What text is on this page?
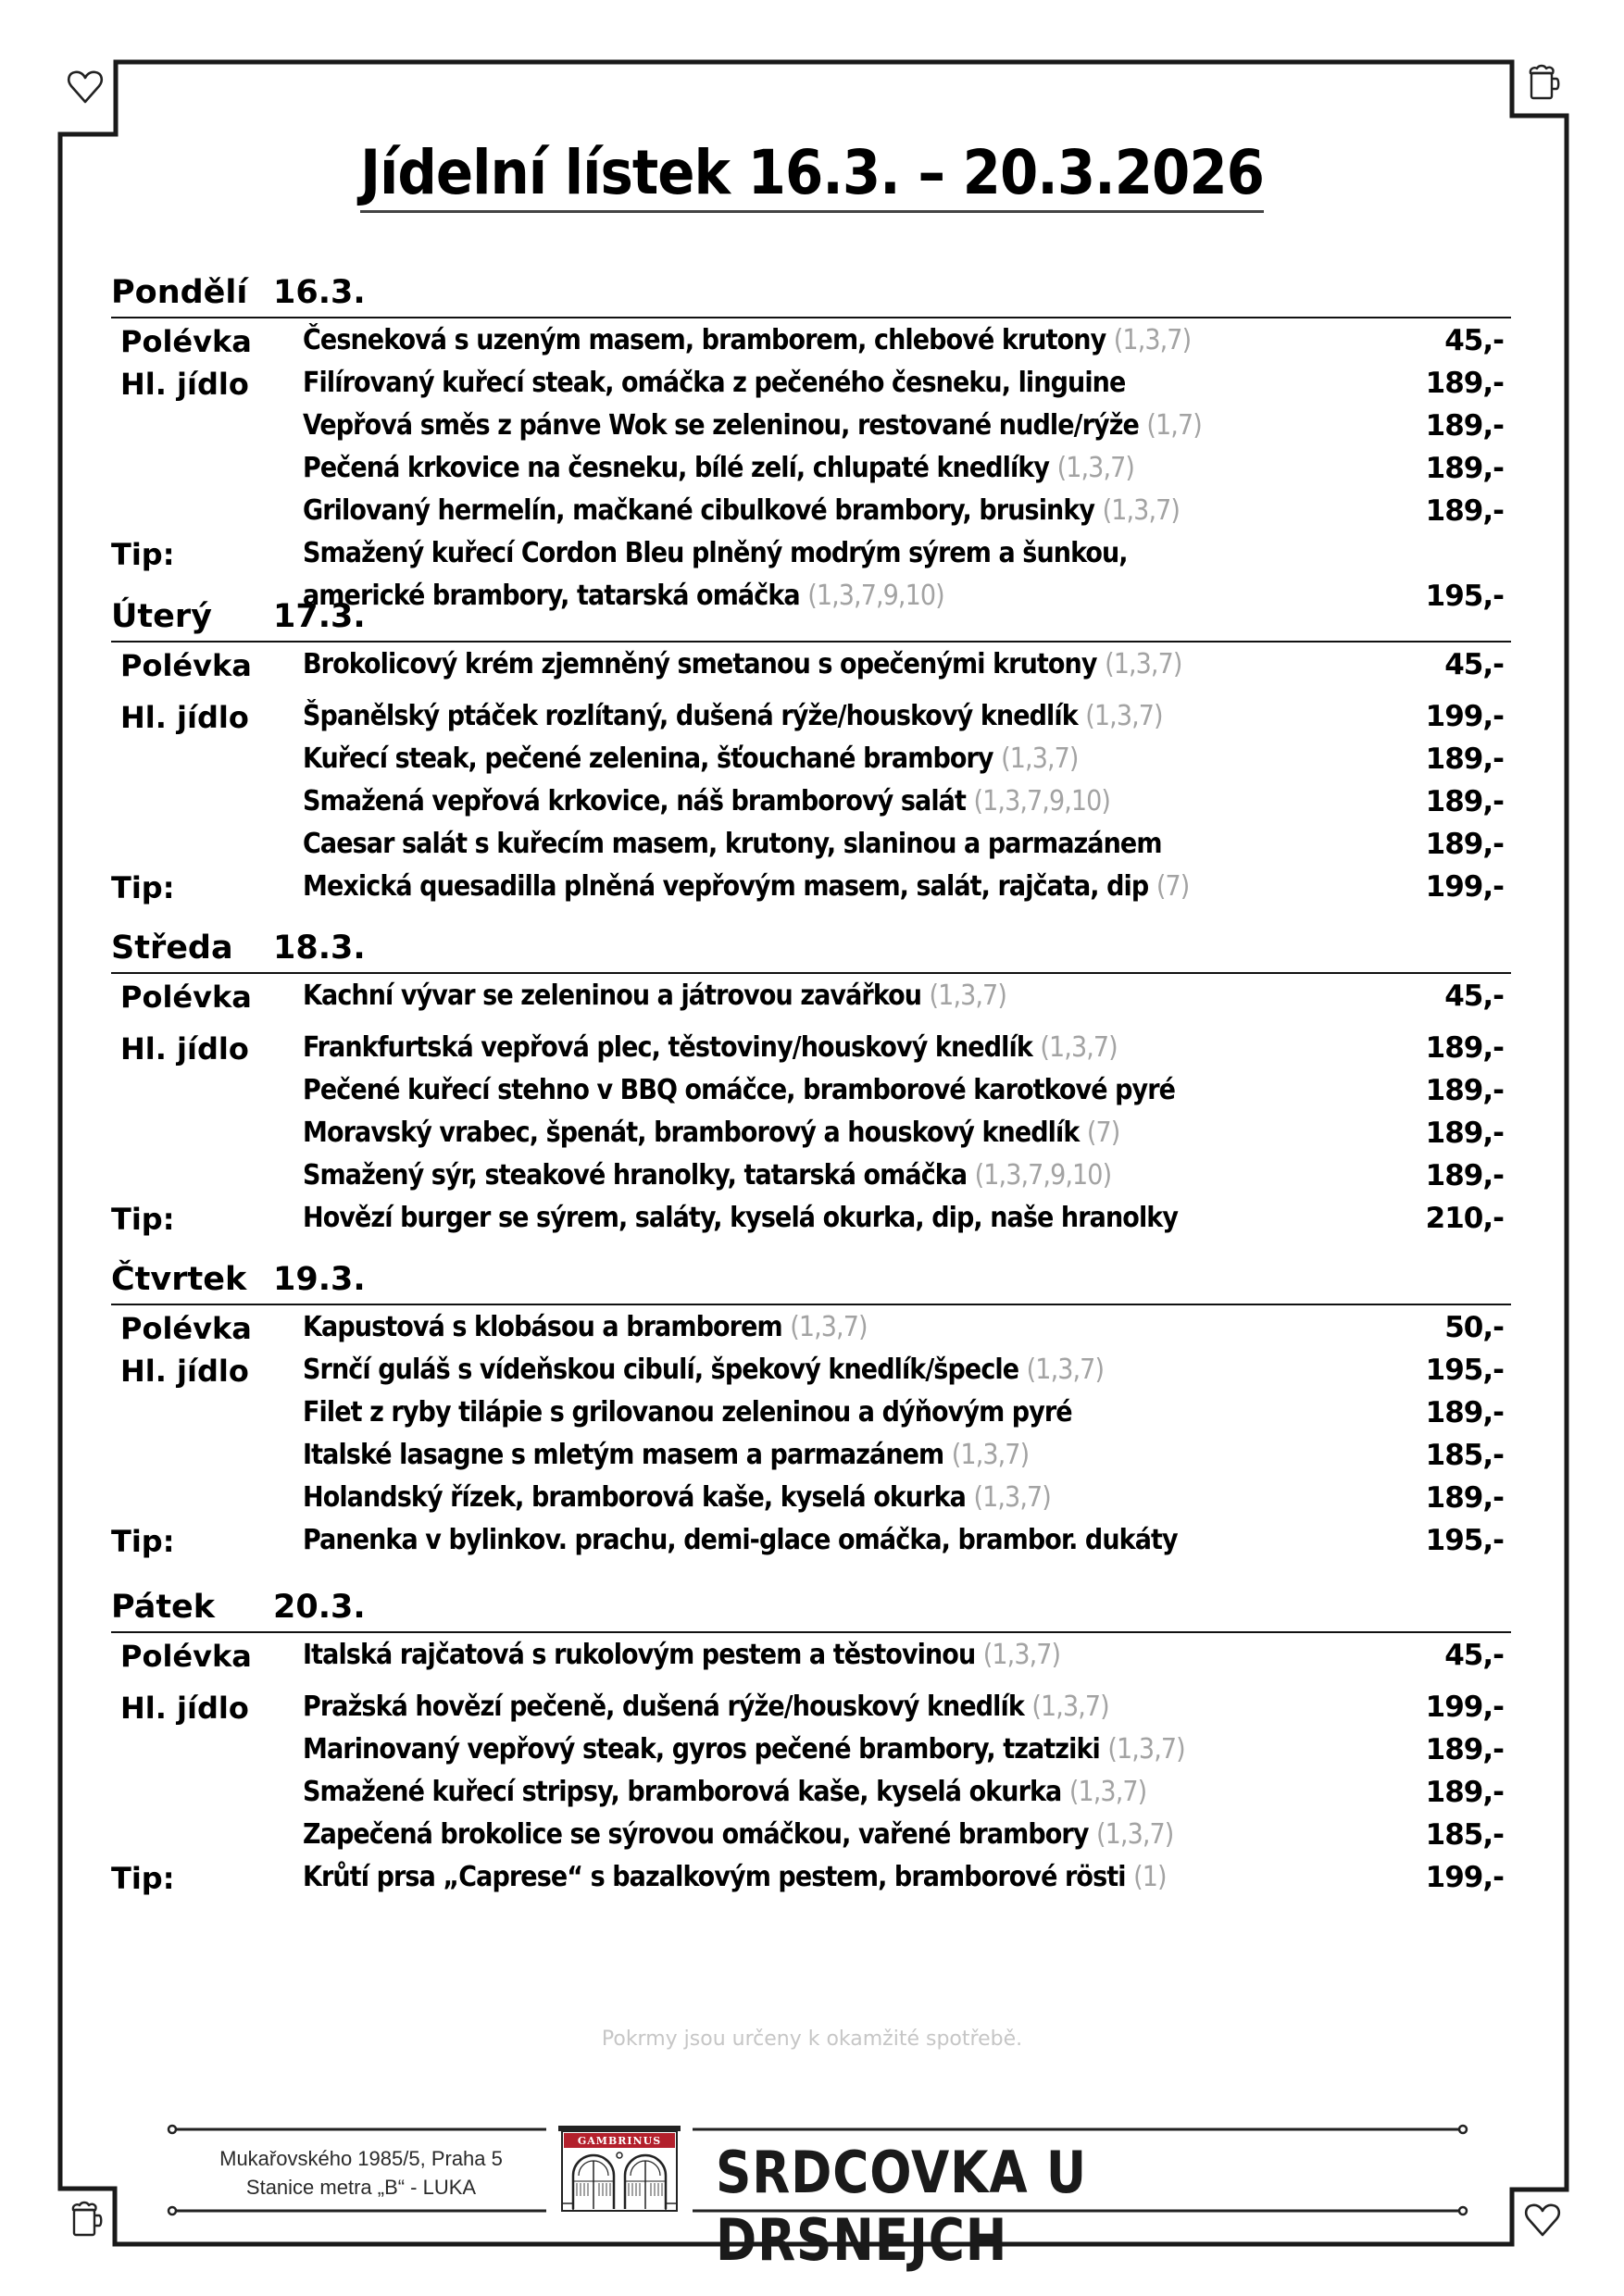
Jídelní lístek 16.3. – 20.3.2026
Pondělí 16.3.
Polévka Česneková s uzeným masem, bramborem, chlebové krutony (1,3,7)	45,-
Hl. jídlo Filírovaný kuřecí steak, omáčka z pečeného česneku, linguine	189,-
Vepřová směs z pánve Wok se zeleninou, restované nudle/rýže (1,7)	189,-
Pečená krkovice na česneku, bílé zelí, chlupaté knedlíky (1,3,7)	189,-
Grilovaný hermelín, mačkané cibulkové brambory, brusinky (1,3,7)	189,-
Tip:	Smažený kuřecí Cordon Bleu plněný modrým sýrem a šunkou,
americké brambory, tatarská omáčka (1,3,7,9,10)	195,-
Úterý 17.3.
Polévka Brokolicový krém zjemněný smetanou s opečenými krutony (1,3,7)	45,-
Hl. jídlo Španělský ptáček rozlítaný, dušená rýže/houskový knedlík (1,3,7)	199,-
Kuřecí steak, pečené zelenina, šťouchané brambory (1,3,7)	189,-
Smažená vepřová krkovice, náš bramborový salát (1,3,7,9,10)	189,-
Caesar salát s kuřecím masem, krutony, slaninou a parmazánem	189,-
Tip:	Mexická quesadilla plněná vepřovým masem, salát, rajčata, dip (7)	199,-
Středa 18.3.
Polévka Kachní vývar se zeleninou a játrovou zavářkou (1,3,7)	45,-
Hl. jídlo Frankfurtská vepřová plec, těstoviny/houskový knedlík (1,3,7)	189,-
Pečené kuřecí stehno v BBQ omáčce, bramborové karotkové pyré	189,-
Moravský vrabec, špenát, bramborový a houskový knedlík (7)	189,-
Smažený sýr, steakové hranolky, tatarská omáčka (1,3,7,9,10)	189,-
Tip:	Hovězí burger se sýrem, saláty, kyselá okurka, dip, naše hranolky	210,-
Čtvrtek 19.3.
Polévka Kapustová s klobásou a bramborem (1,3,7)	50,-
Hl. jídlo Srnčí guláš s vídeňskou cibulí, špekový knedlík/špecle (1,3,7)	195,-
Filet z ryby tilápie s grilovanou zeleninou a dýňovým pyré	189,-
Italské lasagne s mletým masem a parmazánem (1,3,7)	185,-
Holandský řízek, bramborová kaše, kyselá okurka (1,3,7)	189,-
Tip:	Panenka v bylinkov. prachu, demi-glace omáčka, brambor. dukáty	195,-
Pátek 20.3.
Polévka Italská rajčatová s rukolovým pestem a těstovinou (1,3,7)	45,-
Hl. jídlo Pražská hovězí pečeně, dušená rýže/houskový knedlík (1,3,7)	199,-
Marinovaný vepřový steak, gyros pečené brambory, tzatziki (1,3,7)	189,-
Smažené kuřecí stripsy, bramborová kaše, kyselá okurka (1,3,7)	189,-
Zapečená brokolice se sýrovou omáčkou, vařené brambory (1,3,7)	185,-
Tip:	Krůtí prsa „Caprese“ s bazalkovým pestem, bramborové rösti (1)	199,-
Pokrmy jsou určeny k okamžité spotřebě.
Mukařovského 1985/5, Praha 5
Stanice metra „B“ - LUKA
GAMBRINUS SRDCOVKA U DRSNEJCH
